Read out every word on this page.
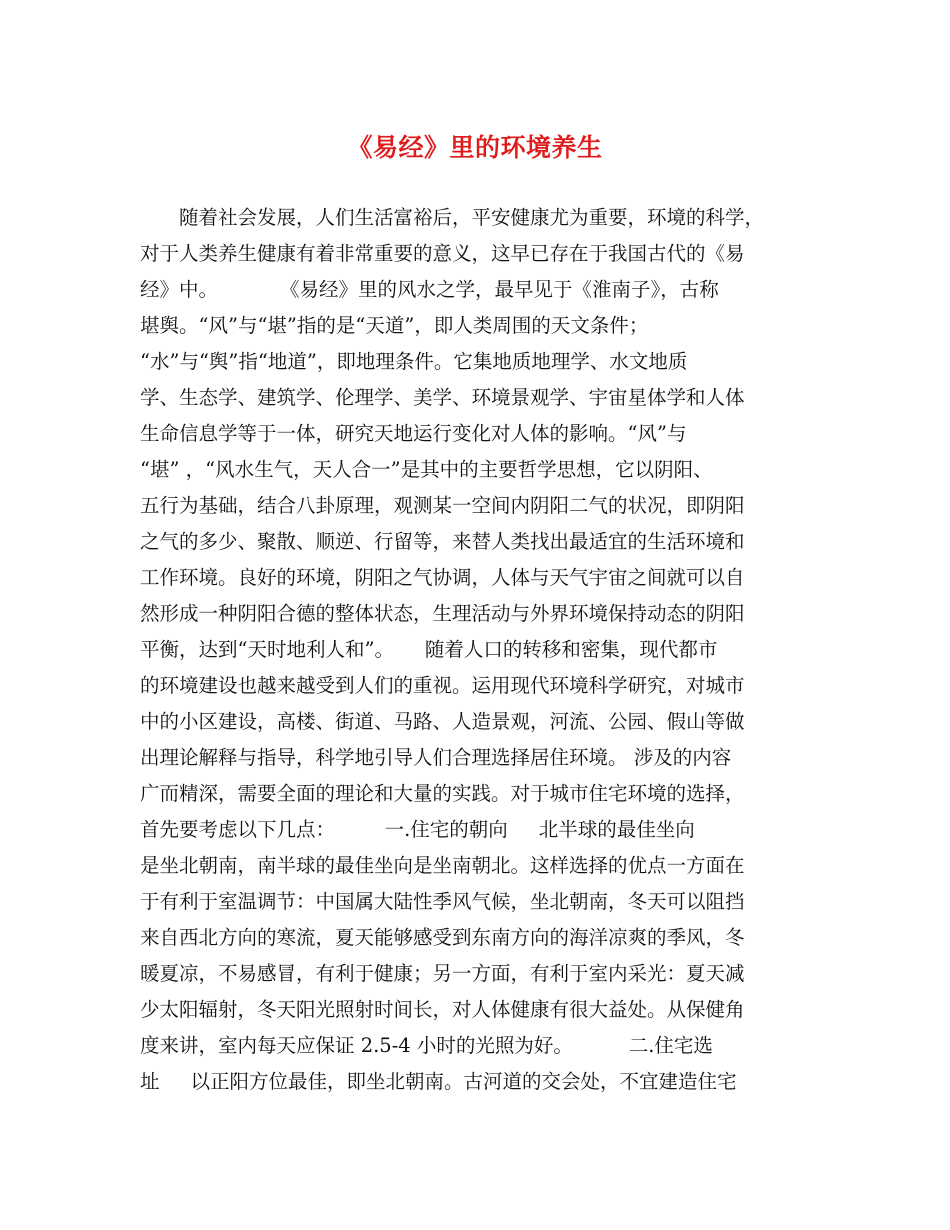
《易经》里的环境养生
　　随着社会发展，人们生活富裕后，平安健康尤为重要，环境的科学，
对于人类养生健康有着非常重要的意义，这早已存在于我国古代的《易
经》中。          《易经》里的风水之学，最早见于《淮南子》，古称
堪舆。“风”与“堪”指的是“天道”，即人类周围的天文条件；
“水”与“舆”指“地道”，即地理条件。它集地质地理学、水文地质
学、生态学、建筑学、伦理学、美学、环境景观学、宇宙星体学和人体
生命信息学等于一体，研究天地运行变化对人体的影响。“风”与
“堪” ，“风水生气，天人合一”是其中的主要哲学思想，它以阴阳、
五行为基础，结合八卦原理，观测某一空间内阴阳二气的状况，即阴阳
之气的多少、聚散、顺逆、行留等，来替人类找出最适宜的生活环境和
工作环境。良好的环境，阴阳之气协调，人体与天气宇宙之间就可以自
然形成一种阴阳合德的整体状态，生理活动与外界环境保持动态的阴阳
平衡，达到“天时地利人和”。     随着人口的转移和密集，现代都市
的环境建设也越来越受到人们的重视。运用现代环境科学研究，对城市
中的小区建设，高楼、街道、马路、人造景观，河流、公园、假山等做
出理论解释与指导，科学地引导人们合理选择居住环境。 涉及的内容
广而精深，需要全面的理论和大量的实践。对于城市住宅环境的选择，
首先要考虑以下几点：        一.住宅的朝向     北半球的最佳坐向
是坐北朝南，南半球的最佳坐向是坐南朝北。这样选择的优点一方面在
于有利于室温调节：中国属大陆性季风气候，坐北朝南，冬天可以阻挡
来自西北方向的寒流，夏天能够感受到东南方向的海洋凉爽的季风，冬
暖夏凉，不易感冒，有利于健康；另一方面，有利于室内采光：夏天减
少太阳辐射，冬天阳光照射时间长，对人体健康有很大益处。从保健角
度来讲，室内每天应保证 2.5-4 小时的光照为好。         二.住宅选
址     以正阳方位最佳，即坐北朝南。古河道的交会处，不宜建造住宅
